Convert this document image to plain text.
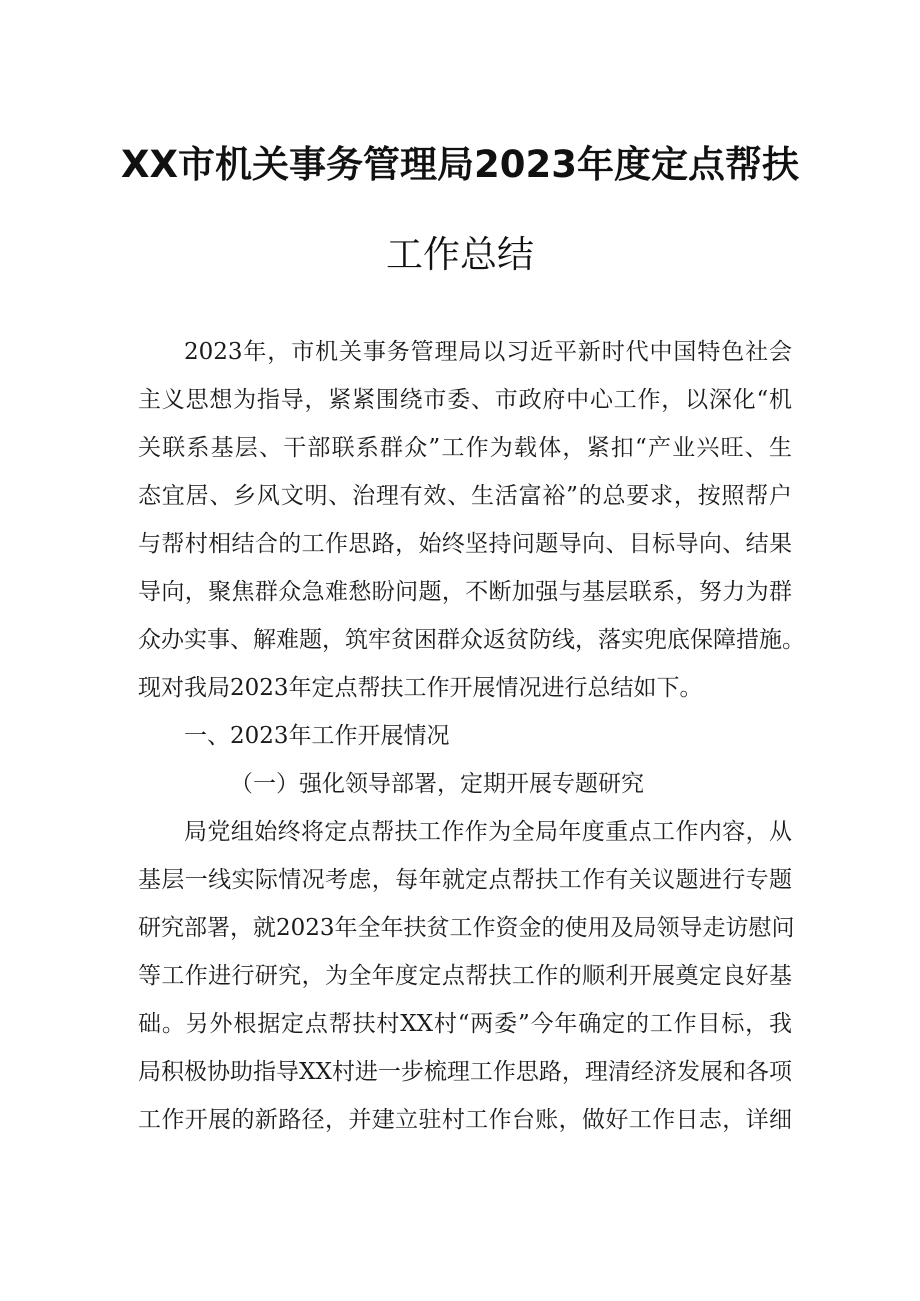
XX市机关事务管理局2023年度定点帮扶
工作总结
2023年，市机关事务管理局以习近平新时代中国特色社会
主义思想为指导，紧紧围绕市委、市政府中心工作，以深化“机
关联系基层、干部联系群众”工作为载体，紧扣“产业兴旺、生
态宜居、乡风文明、治理有效、生活富裕”的总要求，按照帮户
与帮村相结合的工作思路，始终坚持问题导向、目标导向、结果
导向，聚焦群众急难愁盼问题，不断加强与基层联系，努力为群
众办实事、解难题，筑牢贫困群众返贫防线，落实兜底保障措施。
现对我局2023年定点帮扶工作开展情况进行总结如下。
一、2023年工作开展情况
（一）强化领导部署，定期开展专题研究
局党组始终将定点帮扶工作作为全局年度重点工作内容，从
基层一线实际情况考虑，每年就定点帮扶工作有关议题进行专题
研究部署，就2023年全年扶贫工作资金的使用及局领导走访慰问
等工作进行研究，为全年度定点帮扶工作的顺利开展奠定良好基
础。另外根据定点帮扶村XX村“两委”今年确定的工作目标，我
局积极协助指导XX村进一步梳理工作思路，理清经济发展和各项
工作开展的新路径，并建立驻村工作台账，做好工作日志，详细
